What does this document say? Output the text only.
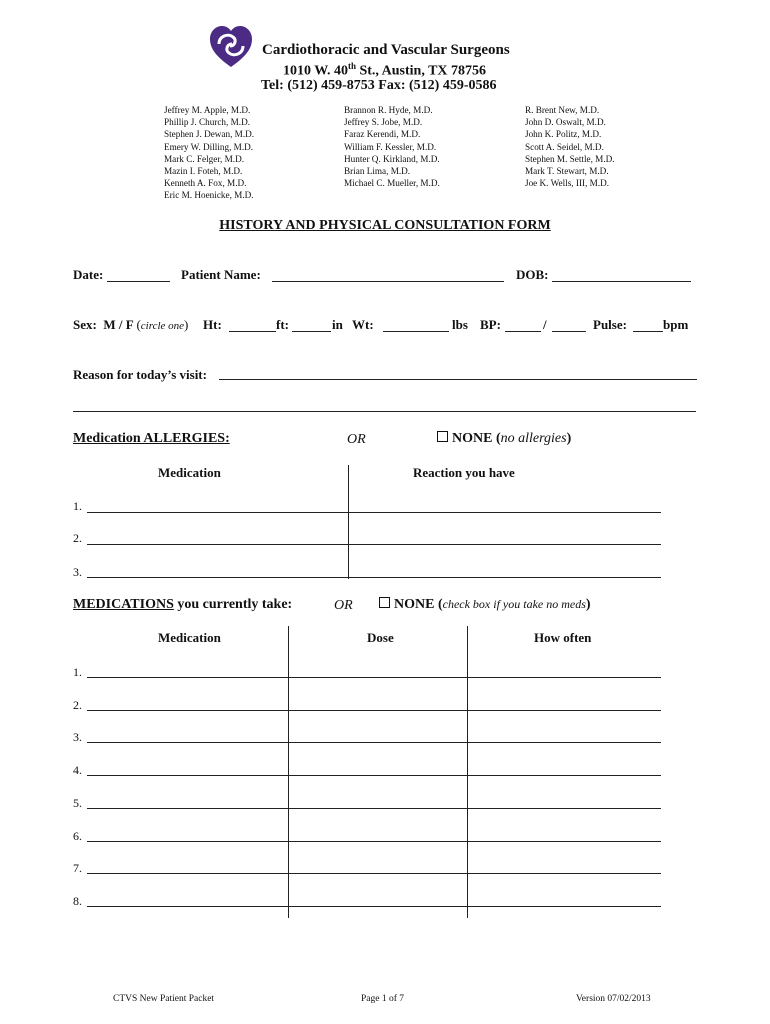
Cardiothoracic and Vascular Surgeons
1010 W. 40th St., Austin, TX 78756
Tel: (512) 459-8753 Fax: (512) 459-0586
Jeffrey M. Apple, M.D.
Phillip J. Church, M.D.
Stephen J. Dewan, M.D.
Emery W. Dilling, M.D.
Mark C. Felger, M.D.
Mazin I. Foteh, M.D.
Kenneth A. Fox, M.D.
Eric M. Hoenicke, M.D.
Brannon R. Hyde, M.D.
Jeffrey S. Jobe, M.D.
Faraz Kerendi, M.D.
William F. Kessler, M.D.
Hunter Q. Kirkland, M.D.
Brian Lima, M.D.
Michael C. Mueller, M.D.
R. Brent New, M.D.
John D. Oswalt, M.D.
John K. Politz, M.D.
Scott A. Seidel, M.D.
Stephen M. Settle, M.D.
Mark T. Stewart, M.D.
Joe K. Wells, III, M.D.
HISTORY AND PHYSICAL CONSULTATION FORM
Date:	Patient Name:	DOB:
Sex: M / F (circle one) Ht:	ft:	in Wt:	lbs BP:	/	Pulse:	bpm
Reason for today’s visit:
Medication ALLERGIES:	OR	NONE (no allergies)
Medication	Reaction you have
1.
2.
3.
MEDICATIONS you currently take:	OR	NONE (check box if you take no meds)
Medication	Dose	How often
1.
2.
3.
4.
5.
6.
7.
8.
CTVS New Patient Packet	Page 1 of 7	Version 07/02/2013
